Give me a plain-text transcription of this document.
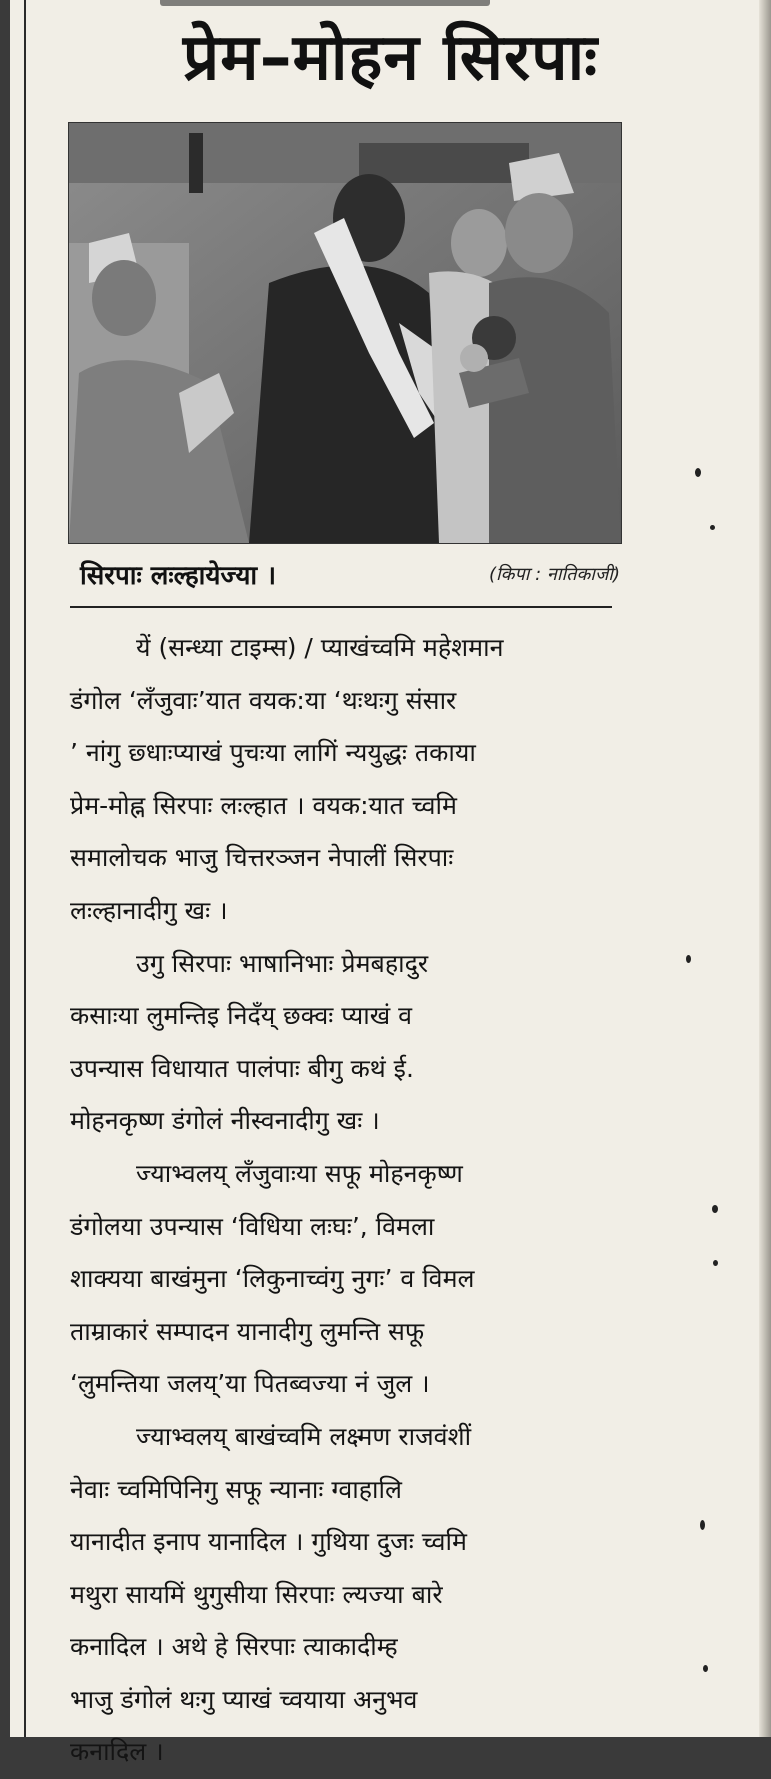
प्रेम–मोहन सिरपाः
सिरपाः लःल्हायेज्या ।	(किपा : नातिकाजी)
यें (सन्ध्या टाइम्स) / प्याखंच्वमि महेशमान
डंगोल ‘लँजुवाः’यात वयक:या ‘थःथःगु संसार
’ नांगु छ्धाःप्याखं पुचःया लागिं न्ययुद्धः तकाया
प्रेम-मोह्न सिरपाः लःल्हात । वयक:यात च्वमि
समालोचक भाजु चित्तरञ्जन नेपालीं सिरपाः
लःल्हानादीगु खः ।
उगु सिरपाः भाषानिभाः प्रेमबहादुर
कसाःया लुमन्तिइ निदँय् छक्वः प्याखं व
उपन्यास विधायात पालंपाः बीगु कथं ई.
मोहनकृष्ण डंगोलं नीस्वनादीगु खः ।
ज्याभ्वलय् लँजुवाःया सफू मोहनकृष्ण
डंगोलया उपन्यास ‘विधिया लःघः’, विमला
शाक्यया बाखंमुना ‘लिकुनाच्वंगु नुगः’ व विमल
ताम्राकारं सम्पादन यानादीगु लुमन्ति सफू
‘लुमन्तिया जलय्’या पितब्वज्या नं जुल ।
ज्याभ्वलय् बाखंच्वमि लक्ष्मण राजवंशीं
नेवाः च्वमिपिनिगु सफू न्यानाः ग्वाहालि
यानादीत इनाप यानादिल । गुथिया दुजः च्वमि
मथुरा सायमिं थुगुसीया सिरपाः ल्यज्या बारे
कनादिल । अथे हे सिरपाः त्याकादीम्ह
भाजु डंगोलं थःगु प्याखं च्वयाया अनुभव
कनादिल ।
